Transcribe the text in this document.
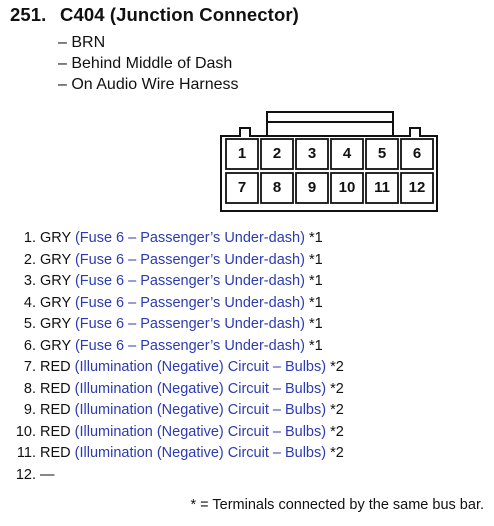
251. C404 (Junction Connector)
– BRN
– Behind Middle of Dash
– On Audio Wire Harness
1	2	3	4	5	6
7	8	9	10	11	12
1. GRY (Fuse 6 – Passenger’s Under-dash) *1
2. GRY (Fuse 6 – Passenger’s Under-dash) *1
3. GRY (Fuse 6 – Passenger’s Under-dash) *1
4. GRY (Fuse 6 – Passenger’s Under-dash) *1
5. GRY (Fuse 6 – Passenger’s Under-dash) *1
6. GRY (Fuse 6 – Passenger’s Under-dash) *1
7. RED (Illumination (Negative) Circuit – Bulbs) *2
8. RED (Illumination (Negative) Circuit – Bulbs) *2
9. RED (Illumination (Negative) Circuit – Bulbs) *2
10. RED (Illumination (Negative) Circuit – Bulbs) *2
11. RED (Illumination (Negative) Circuit – Bulbs) *2
12. —

* = Terminals connected by the same bus bar.
